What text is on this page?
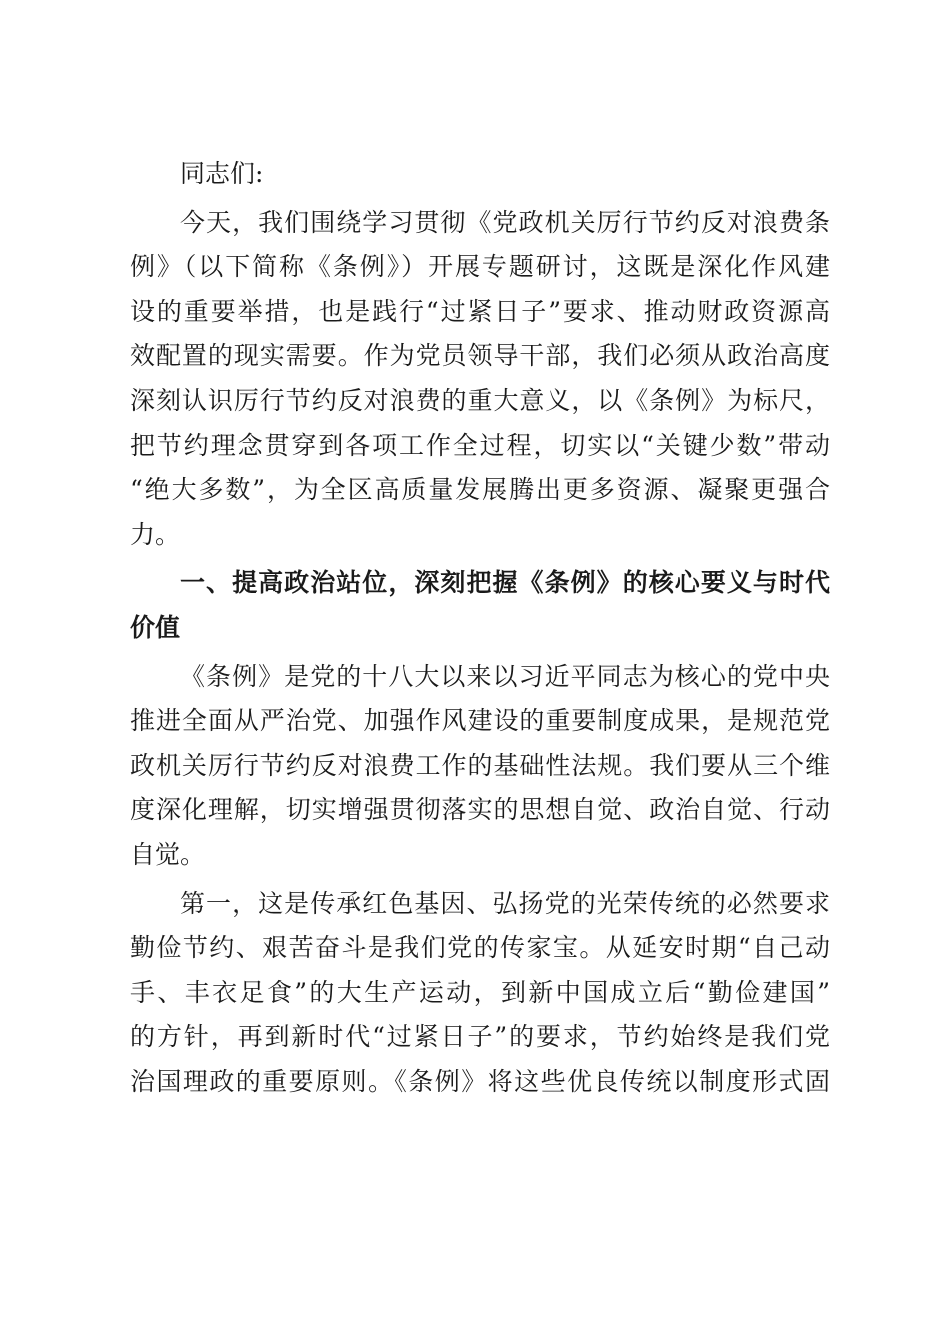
同志们:
今天，我们围绕学习贯彻《党政机关厉行节约反对浪费条
例》（以下简称《条例》）开展专题研讨，这既是深化作风建
设的重要举措，也是践行“过紧日子”要求、推动财政资源高
效配置的现实需要。作为党员领导干部，我们必须从政治高度
深刻认识厉行节约反对浪费的重大意义，以《条例》为标尺，
把节约理念贯穿到各项工作全过程，切实以“关键少数”带动
“绝大多数”，为全区高质量发展腾出更多资源、凝聚更强合
力。
一、提高政治站位，深刻把握《条例》的核心要义与时代
价值
《条例》是党的十八大以来以习近平同志为核心的党中央
推进全面从严治党、加强作风建设的重要制度成果，是规范党
政机关厉行节约反对浪费工作的基础性法规。我们要从三个维
度深化理解，切实增强贯彻落实的思想自觉、政治自觉、行动
自觉。
第一，这是传承红色基因、弘扬党的光荣传统的必然要求
勤俭节约、艰苦奋斗是我们党的传家宝。从延安时期“自己动
手、丰衣足食”的大生产运动，到新中国成立后“勤俭建国”
的方针，再到新时代“过紧日子”的要求，节约始终是我们党
治国理政的重要原则。《条例》将这些优良传统以制度形式固
